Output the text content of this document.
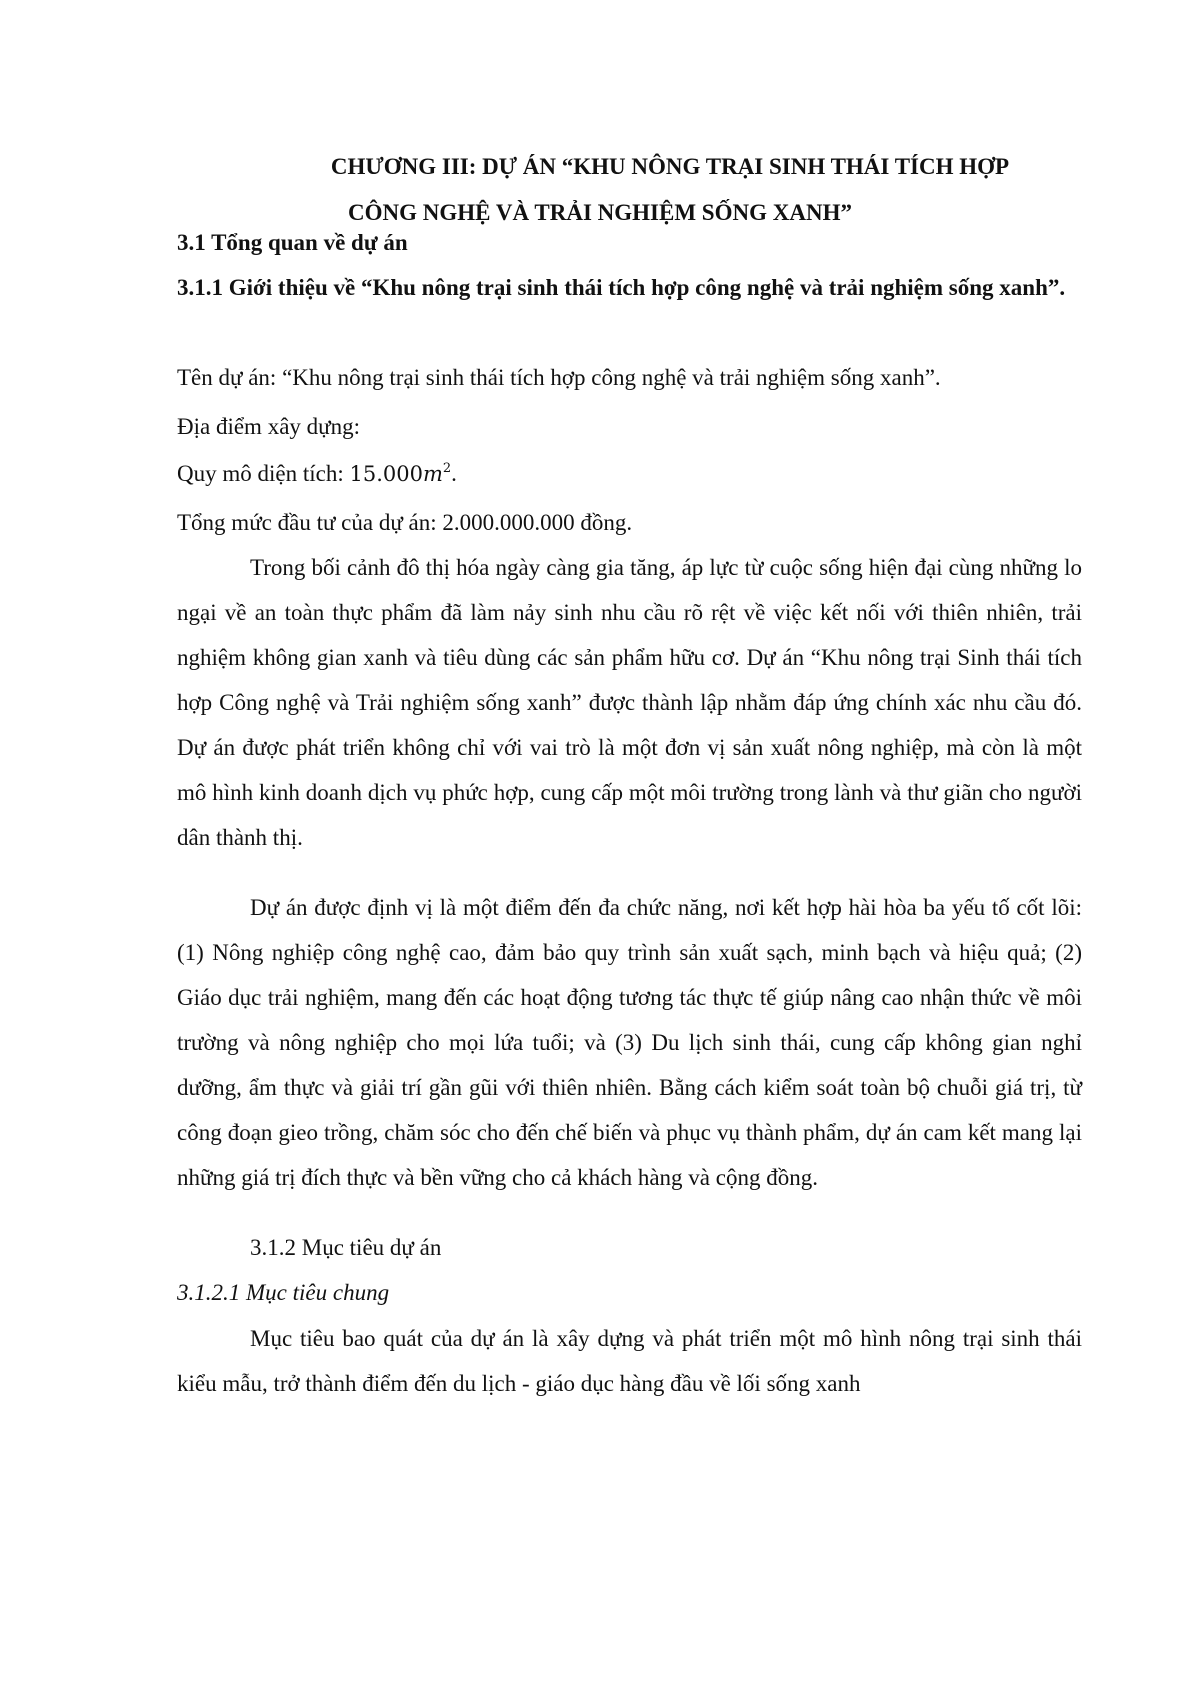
CHƯƠNG III: DỰ ÁN “KHU NÔNG TRẠI SINH THÁI TÍCH HỢP

CÔNG NGHỆ VÀ TRẢI NGHIỆM SỐNG XANH”

3.1 Tổng quan về dự án

3.1.1 Giới thiệu về “Khu nông trại sinh thái tích hợp công nghệ và trải nghiệm sống xanh”.

Tên dự án: “Khu nông trại sinh thái tích hợp công nghệ và trải nghiệm sống xanh”.

Địa điểm xây dựng:

Quy mô diện tích: $15.000m^2$.

Tổng mức đầu tư của dự án: 2.000.000.000 đồng.

Trong bối cảnh đô thị hóa ngày càng gia tăng, áp lực từ cuộc sống hiện đại cùng những lo ngại về an toàn thực phẩm đã làm nảy sinh nhu cầu rõ rệt về việc kết nối với thiên nhiên, trải nghiệm không gian xanh và tiêu dùng các sản phẩm hữu cơ. Dự án “Khu nông trại Sinh thái tích hợp Công nghệ và Trải nghiệm sống xanh” được thành lập nhằm đáp ứng chính xác nhu cầu đó. Dự án được phát triển không chỉ với vai trò là một đơn vị sản xuất nông nghiệp, mà còn là một mô hình kinh doanh dịch vụ phức hợp, cung cấp một môi trường trong lành và thư giãn cho người dân thành thị.

Dự án được định vị là một điểm đến đa chức năng, nơi kết hợp hài hòa ba yếu tố cốt lõi: (1) Nông nghiệp công nghệ cao, đảm bảo quy trình sản xuất sạch, minh bạch và hiệu quả; (2) Giáo dục trải nghiệm, mang đến các hoạt động tương tác thực tế giúp nâng cao nhận thức về môi trường và nông nghiệp cho mọi lứa tuổi; và (3) Du lịch sinh thái, cung cấp không gian nghỉ dưỡng, ẩm thực và giải trí gần gũi với thiên nhiên. Bằng cách kiểm soát toàn bộ chuỗi giá trị, từ công đoạn gieo trồng, chăm sóc cho đến chế biến và phục vụ thành phẩm, dự án cam kết mang lại những giá trị đích thực và bền vững cho cả khách hàng và cộng đồng.

3.1.2 Mục tiêu dự án

3.1.2.1 Mục tiêu chung

Mục tiêu bao quát của dự án là xây dựng và phát triển một mô hình nông trại sinh thái kiểu mẫu, trở thành điểm đến du lịch - giáo dục hàng đầu về lối sống xanh
